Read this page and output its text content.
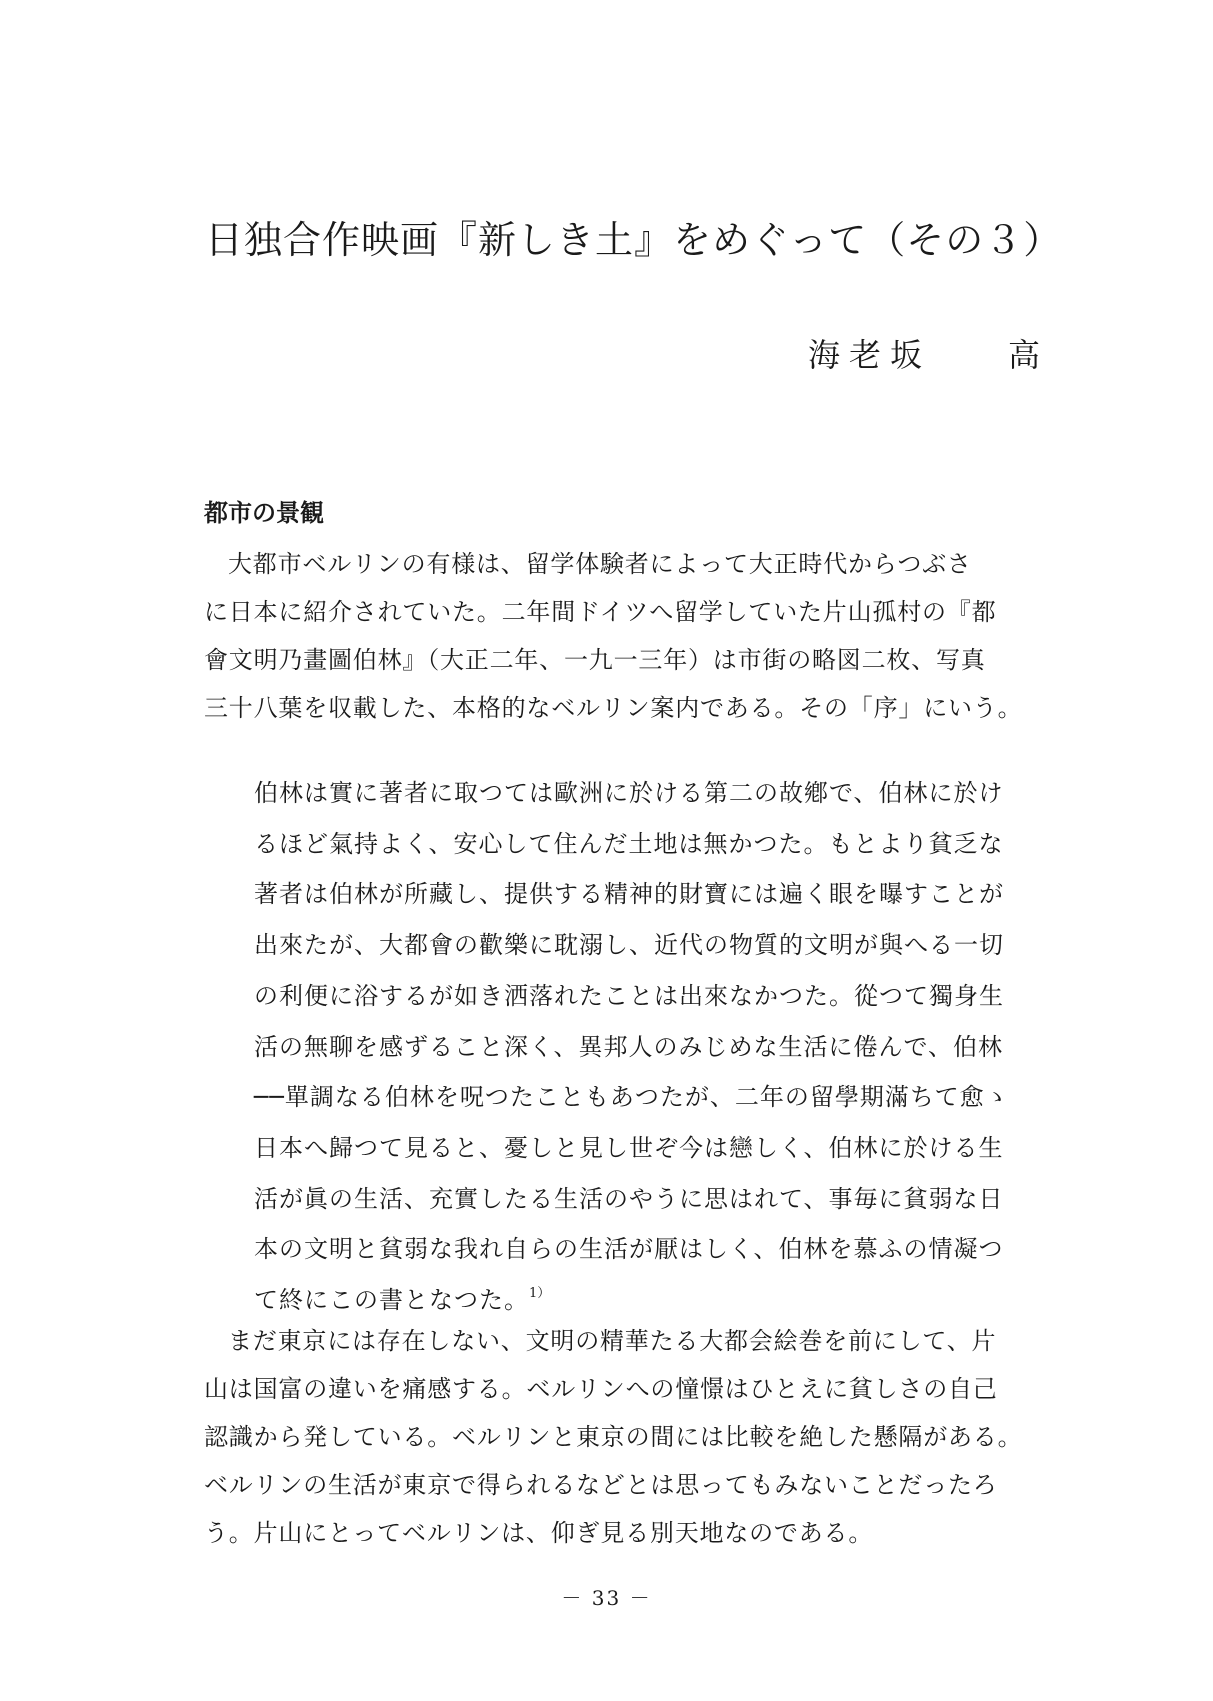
日独合作映画『新しき土』をめぐって（その３）
海老坂 高
都市の景観

大都市ベルリンの有様は、留学体験者によって大正時代からつぶさ
に日本に紹介されていた。二年間ドイツへ留学していた片山孤村の『都
會文明乃畫圖伯林』（大正二年、一九一三年）は市街の略図二枚、写真
三十八葉を収載した、本格的なベルリン案内である。その「序」にいう。

伯林は實に著者に取つては歐洲に於ける第二の故鄕で、伯林に於け
るほど氣持よく、安心して住んだ土地は無かつた。もとより貧乏な
著者は伯林が所藏し、提供する精神的財寶には遍く眼を曝すことが
出來たが、大都會の歡樂に耽溺し、近代の物質的文明が與へる一切
の利便に浴するが如き洒落れたことは出來なかつた。從つて獨身生
活の無聊を感ずること深く、異邦人のみじめな生活に倦んで、伯林
──單調なる伯林を呪つたこともあつたが、二年の留學期滿ちて愈ゝ
日本へ歸つて見ると、憂しと見し世ぞ今は戀しく、伯林に於ける生
活が眞の生活、充實したる生活のやうに思はれて、事毎に貧弱な日
本の文明と貧弱な我れ自らの生活が厭はしく、伯林を慕ふの情凝つ
て終にこの書となつた。$^{1)}$

まだ東京には存在しない、文明の精華たる大都会絵巻を前にして、片
山は国富の違いを痛感する。ベルリンへの憧憬はひとえに貧しさの自己
認識から発している。ベルリンと東京の間には比較を絶した懸隔がある。
ベルリンの生活が東京で得られるなどとは思ってもみないことだったろ
う。片山にとってベルリンは、仰ぎ見る別天地なのである。

－ 33 －
